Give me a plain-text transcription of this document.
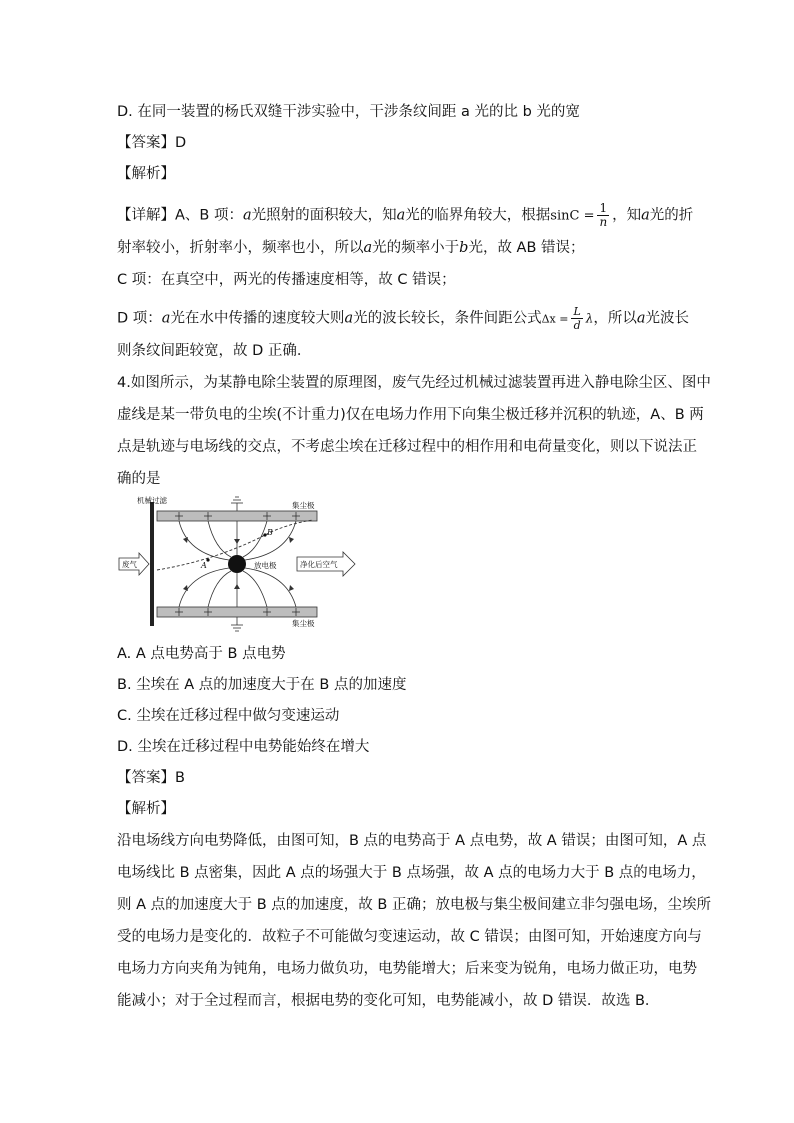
D. 在同一装置的杨氏双缝干涉实验中，干涉条纹间距 a 光的比 b 光的宽
【答案】D
【解析】
【详解】A、B 项：a光照射的面积较大，知a光的临界角较大，根据$\sin C = \frac{1}{n}$ ，知a光的折
射率较小，折射率小，频率也小，所以a光的频率小于b光，故 AB 错误；
C 项：在真空中，两光的传播速度相等，故 C 错误；
D 项：a光在水中传播的速度较大则a光的波长较长，条件间距公式$\Delta x = \frac{L}{d}$ λ，所以a光波长
则条纹间距较宽，故 D 正确．
4.如图所示，为某静电除尘装置的原理图，废气先经过机械过滤装置再进入静电除尘区、图中
虚线是某一带负电的尘埃(不计重力)仅在电场力作用下向集尘极迁移并沉积的轨迹，A、B 两
点是轨迹与电场线的交点，不考虑尘埃在迁移过程中的相作用和电荷量变化，则以下说法正
确的是
机械过滤
集尘极
集尘极
放电极
废气	净化后空气
A
B
A. A 点电势高于 B 点电势
B. 尘埃在 A 点的加速度大于在 B 点的加速度
C. 尘埃在迁移过程中做匀变速运动
D. 尘埃在迁移过程中电势能始终在增大
【答案】B
【解析】
沿电场线方向电势降低，由图可知，B 点的电势高于 A 点电势，故 A 错误；由图可知，A 点
电场线比 B 点密集，因此 A 点的场强大于 B 点场强，故 A 点的电场力大于 B 点的电场力，
则 A 点的加速度大于 B 点的加速度，故 B 正确；放电极与集尘极间建立非匀强电场，尘埃所
受的电场力是变化的．故粒子不可能做匀变速运动，故 C 错误；由图可知，开始速度方向与
电场力方向夹角为钝角，电场力做负功，电势能增大；后来变为锐角，电场力做正功，电势
能减小；对于全过程而言，根据电势的变化可知，电势能减小，故 D 错误．故选 B．
